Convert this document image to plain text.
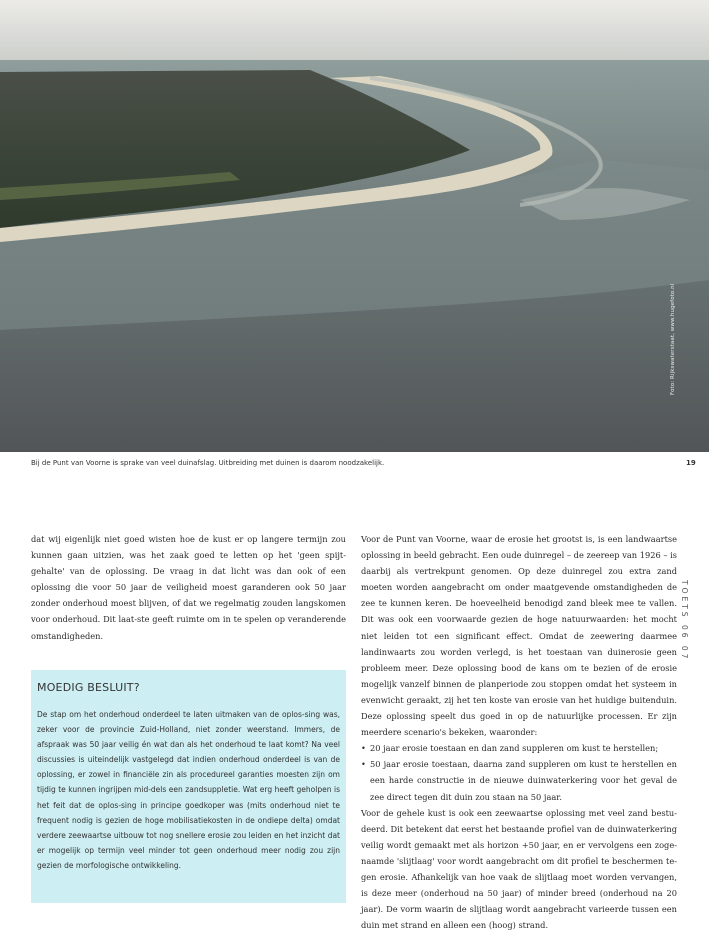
Foto: Rijkswaterstaat, www.hugefoto.nl
Bij de Punt van Voorne is sprake van veel duinafslag. Uitbreiding met duinen is daarom noodzakelijk.	19
TOETS 06 07

dat wij eigenlijk niet goed wisten hoe de kust er op langere termijn zou kunnen gaan uitzien, was het zaak goed te letten op het 'geen spijt-gehalte' van de oplossing. De vraag in dat licht was dan ook of een oplossing die voor 50 jaar de veiligheid moest garanderen ook 50 jaar zonder onderhoud moest blijven, of dat we regelmatig zouden langskomen voor onderhoud. Dit laat-ste geeft ruimte om in te spelen op veranderende omstandigheden.

MOEDIG BESLUIT?

De stap om het onderhoud onderdeel te laten uitmaken van de oplos-sing was, zeker voor de provincie Zuid-Holland, niet zonder weerstand. Immers, de afspraak was 50 jaar veilig én wat dan als het onderhoud te laat komt? Na veel discussies is uiteindelijk vastgelegd dat indien onderhoud onderdeel is van de oplossing, er zowel in financiële zin als procedureel garanties moesten zijn om tijdig te kunnen ingrijpen mid-dels een zandsuppletie. Wat erg heeft geholpen is het feit dat de oplos-sing in principe goedkoper was (mits onderhoud niet te frequent nodig is gezien de hoge mobilisatiekosten in de ondiepe delta) omdat verdere zeewaartse uitbouw tot nog snellere erosie zou leiden en het inzicht dat er mogelijk op termijn veel minder tot geen onderhoud meer nodig zou zijn gezien de morfologische ontwikkeling.

Voor de Punt van Voorne, waar de erosie het grootst is, is een landwaartse oplossing in beeld gebracht. Een oude duinregel – de zeereep van 1926 – is daarbij als vertrekpunt genomen. Op deze duinregel zou extra zand moeten worden aangebracht om onder maatgevende omstandigheden de zee te kunnen keren. De hoeveelheid benodigd zand bleek mee te vallen. Dit was ook een voorwaarde gezien de hoge natuurwaarden: het mocht niet leiden tot een significant effect. Omdat de zeewering daarmee landinwaarts zou worden verlegd, is het toestaan van duinerosie geen probleem meer. Deze oplossing bood de kans om te bezien of de erosie mogelijk vanzelf binnen de planperiode zou stoppen omdat het systeem in evenwicht geraakt, zij het ten koste van erosie van het huidige buitenduin. Deze oplossing speelt dus goed in op de natuurlijke processen. Er zijn meerdere scenario's bekeken, waaronder:

• 20 jaar erosie toestaan en dan zand suppleren om kust te herstellen;
• 50 jaar erosie toestaan, daarna zand suppleren om kust te herstellen en een harde constructie in de nieuwe duinwaterkering voor het geval de zee direct tegen dit duin zou staan na 50 jaar.

Voor de gehele kust is ook een zeewaartse oplossing met veel zand bestu-deerd. Dit betekent dat eerst het bestaande profiel van de duinwaterkering veilig wordt gemaakt met als horizon +50 jaar, en er vervolgens een zoge-naamde 'slijtlaag' voor wordt aangebracht om dit profiel te beschermen te-gen erosie. Afhankelijk van hoe vaak de slijtlaag moet worden vervangen, is deze meer (onderhoud na 50 jaar) of minder breed (onderhoud na 20 jaar). De vorm waarin de slijtlaag wordt aangebracht varieerde tussen een duin met strand en alleen een (hoog) strand.
